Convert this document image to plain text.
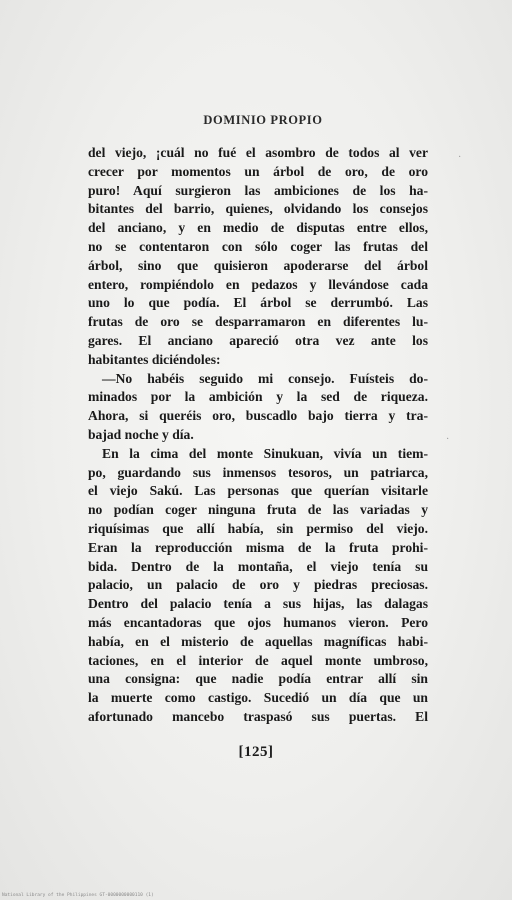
DOMINIO PROPIO
del viejo, ¡cuál no fué el asombro de todos al ver
crecer por momentos un árbol de oro, de oro
puro! Aquí surgieron las ambiciones de los ha-
bitantes del barrio, quienes, olvidando los consejos
del anciano, y en medio de disputas entre ellos,
no se contentaron con sólo coger las frutas del
árbol, sino que quisieron apoderarse del árbol
entero, rompiéndolo en pedazos y llevándose cada
uno lo que podía. El árbol se derrumbó. Las
frutas de oro se desparramaron en diferentes lu-
gares. El anciano apareció otra vez ante los
habitantes diciéndoles:
—No habéis seguido mi consejo. Fuísteis do-
minados por la ambición y la sed de riqueza.
Ahora, si queréis oro, buscadlo bajo tierra y tra-
bajad noche y día.
En la cima del monte Sinukuan, vivía un tiem-
po, guardando sus inmensos tesoros, un patriarca,
el viejo Sakú. Las personas que querían visitarle
no podían coger ninguna fruta de las variadas y
riquísimas que allí había, sin permiso del viejo.
Eran la reproducción misma de la fruta prohi-
bida. Dentro de la montaña, el viejo tenía su
palacio, un palacio de oro y piedras preciosas.
Dentro del palacio tenía a sus hijas, las dalagas
más encantadoras que ojos humanos vieron. Pero
había, en el misterio de aquellas magníficas habi-
taciones, en el interior de aquel monte umbroso,
una consigna: que nadie podía entrar allí sin
la muerte como castigo. Sucedió un día que un
afortunado mancebo traspasó sus puertas. El
[125]
·
·
National Library of the Philippines GT-0000000000110 (1)
